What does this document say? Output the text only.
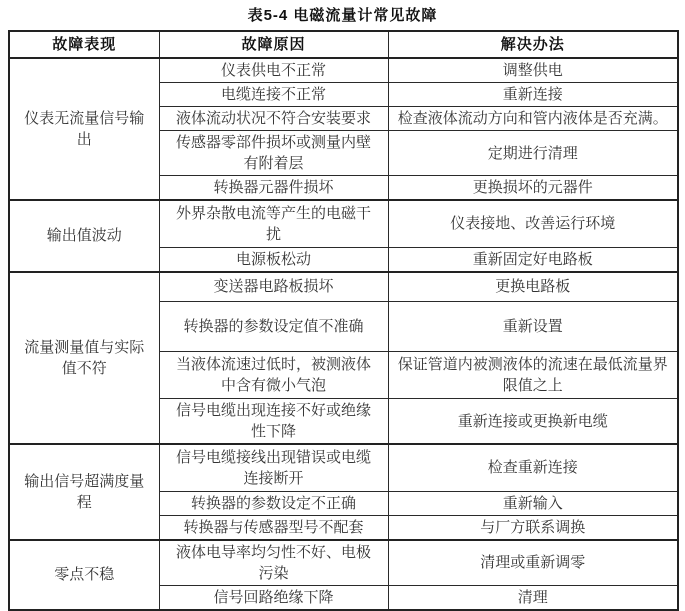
表5-4 电磁流量计常见故障
故障表现	故障原因	解决办法
仪表无流量信号输出	仪表供电不正常	调整供电
	电缆连接不正常	重新连接
	液体流动状况不符合安装要求	检查液体流动方向和管内液体是否充满。
	传感器零部件损坏或测量内壁有附着层	定期进行清理
	转换器元器件损坏	更换损坏的元器件
输出值波动	外界杂散电流等产生的电磁干扰	仪表接地、改善运行环境
	电源板松动	重新固定好电路板
流量测量值与实际值不符	变送器电路板损坏	更换电路板
	转换器的参数设定值不准确	重新设置
	当液体流速过低时，被测液体中含有微小气泡	保证管道内被测液体的流速在最低流量界限值之上
	信号电缆出现连接不好或绝缘性下降	重新连接或更换新电缆
输出信号超满度量程	信号电缆接线出现错误或电缆连接断开	检查重新连接
	转换器的参数设定不正确	重新输入
	转换器与传感器型号不配套	与厂方联系调换
零点不稳	液体电导率均匀性不好、电极污染	清理或重新调零
	信号回路绝缘下降	清理
